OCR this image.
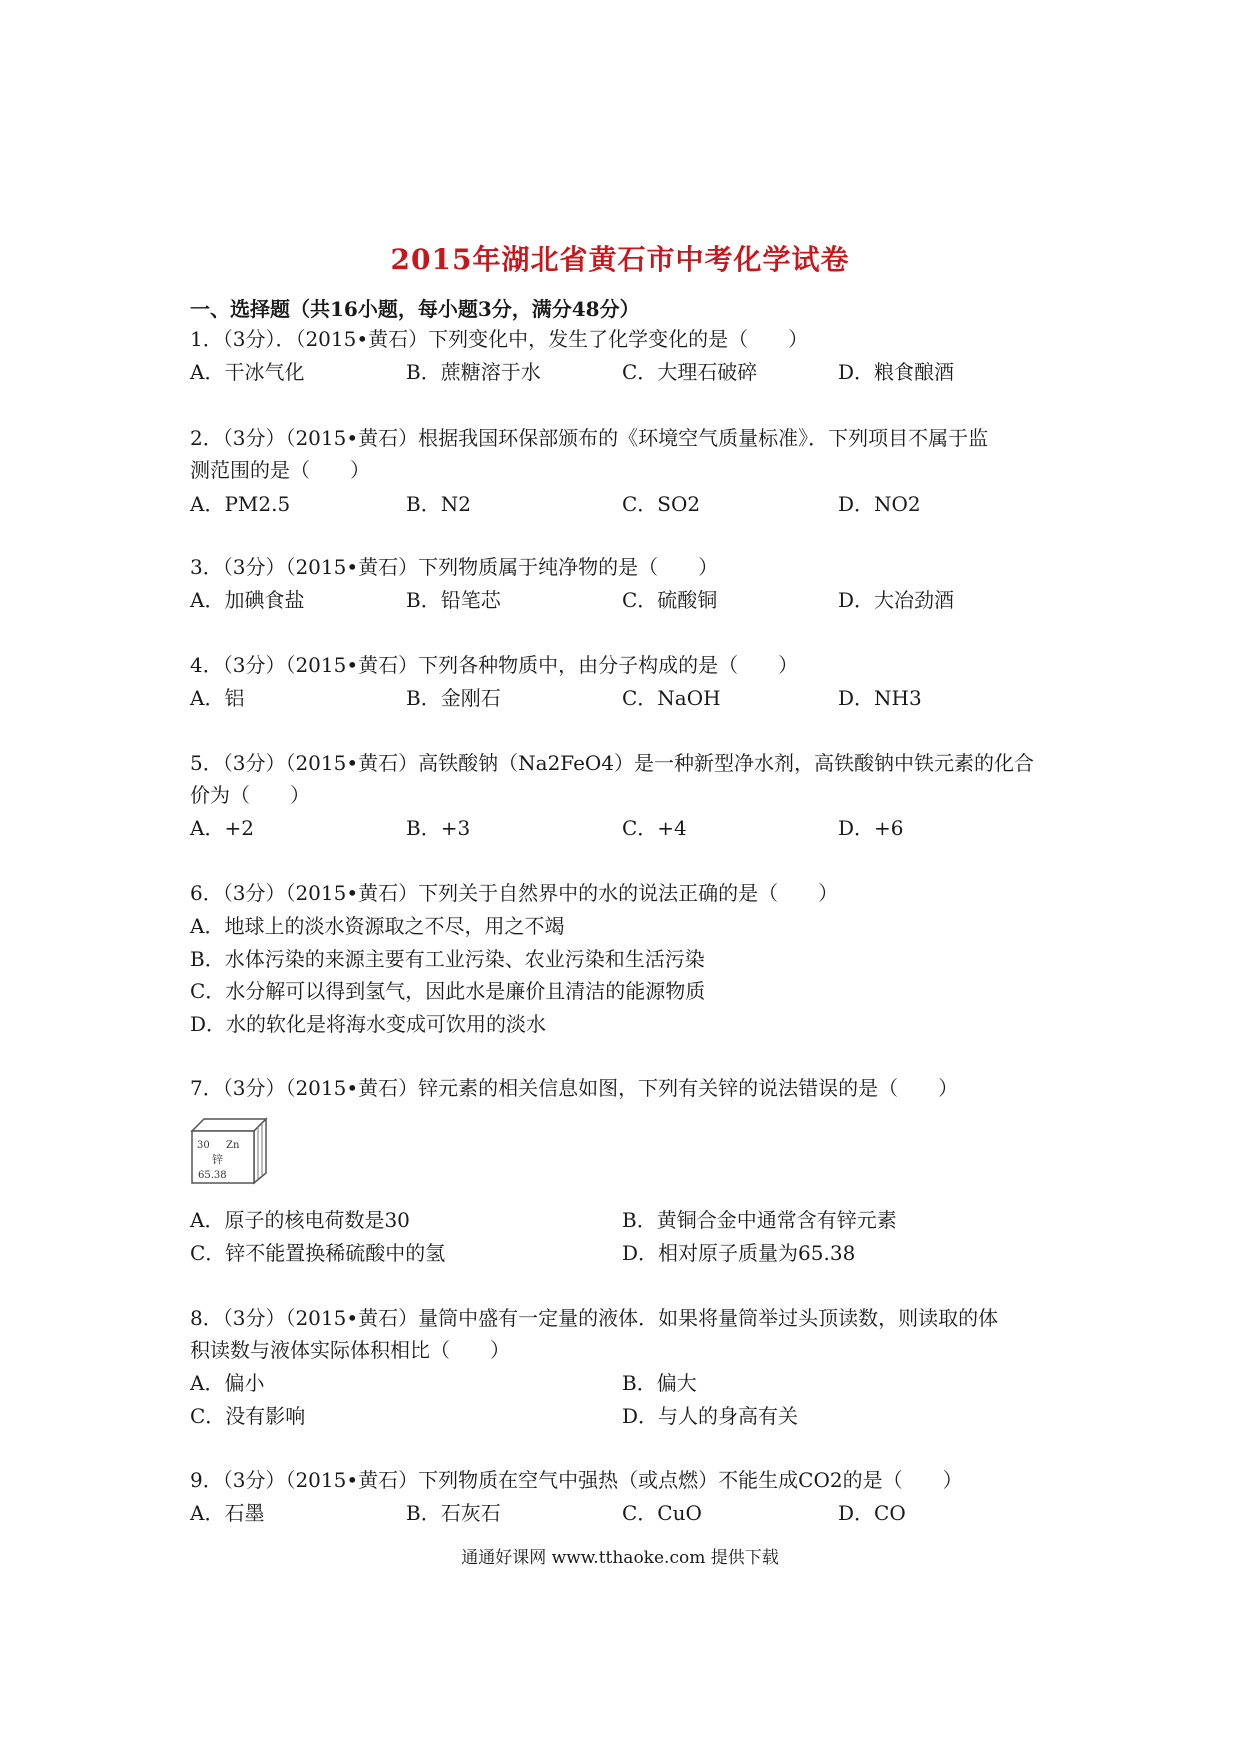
2015年湖北省黄石市中考化学试卷
一、选择题（共16小题，每小题3分，满分48分）
1．（3分）．（2015•黄石）下列变化中，发生了化学变化的是（　　）
A．干冰气化	B．蔗糖溶于水	C．大理石破碎	D．粮食酿酒
2．（3分）（2015•黄石）根据我国环保部颁布的《环境空气质量标准》．下列项目不属于监
测范围的是（　　）
A．PM2.5	B．N2	C．SO2	D．NO2
3．（3分）（2015•黄石）下列物质属于纯净物的是（　　）
A．加碘食盐	B．铅笔芯	C．硫酸铜	D．大冶劲酒
4．（3分）（2015•黄石）下列各种物质中，由分子构成的是（　　）
A．铝	B．金刚石	C．NaOH	D．NH3
5．（3分）（2015•黄石）高铁酸钠（Na2FeO4）是一种新型净水剂，高铁酸钠中铁元素的化合
价为（　　）
A．+2	B．+3	C．+4	D．+6
6．（3分）（2015•黄石）下列关于自然界中的水的说法正确的是（　　）
A．地球上的淡水资源取之不尽，用之不竭
B．水体污染的来源主要有工业污染、农业污染和生活污染
C．水分解可以得到氢气，因此水是廉价且清洁的能源物质
D．水的软化是将海水变成可饮用的淡水
7．（3分）（2015•黄石）锌元素的相关信息如图，下列有关锌的说法错误的是（　　）
30 Zn
锌
65.38
A．原子的核电荷数是30	B．黄铜合金中通常含有锌元素
C．锌不能置换稀硫酸中的氢	D．相对原子质量为65.38
8．（3分）（2015•黄石）量筒中盛有一定量的液体．如果将量筒举过头顶读数，则读取的体
积读数与液体实际体积相比（　　）
A．偏小	B．偏大
C．没有影响	D．与人的身高有关
9．（3分）（2015•黄石）下列物质在空气中强热（或点燃）不能生成CO2的是（　　）
A．石墨	B．石灰石	C．CuO	D．CO
通通好课网 www.tthaoke.com 提供下载
